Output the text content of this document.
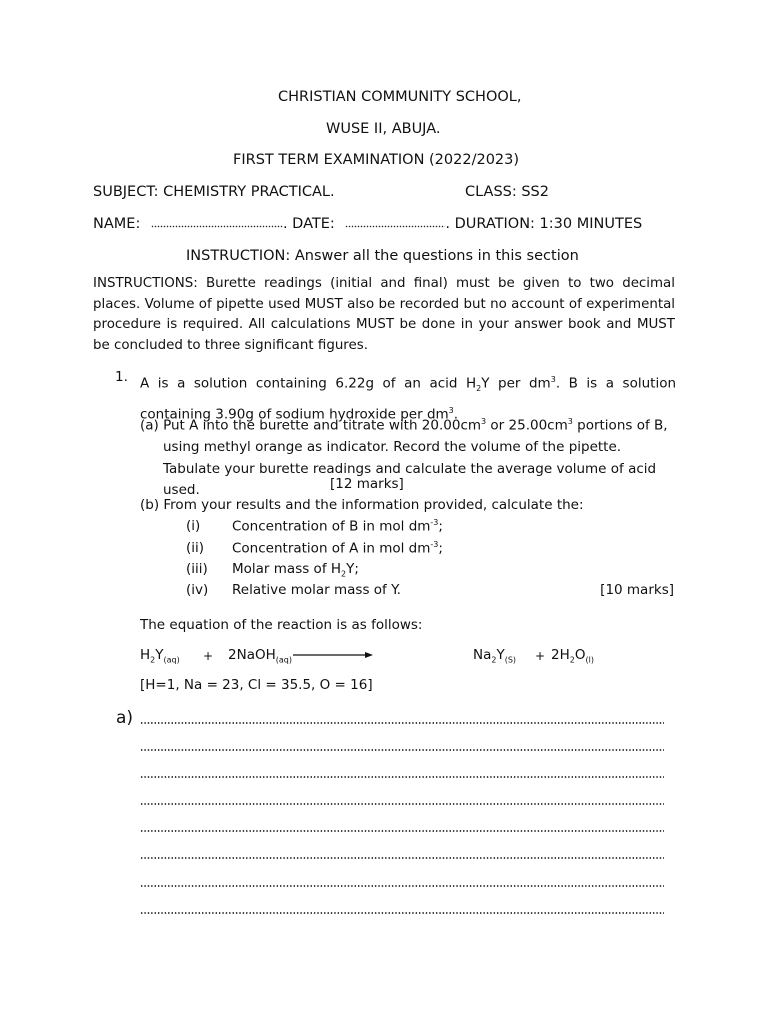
CHRISTIAN COMMUNITY SCHOOL,
WUSE II, ABUJA.
FIRST TERM EXAMINATION (2022/2023)
SUBJECT: CHEMISTRY PRACTICAL.	CLASS: SS2
NAME:	. DATE:	. DURATION: 1:30 MINUTES
INSTRUCTION: Answer all the questions in this section
INSTRUCTIONS: Burette readings (initial and final) must be given to two decimal places. Volume of pipette used MUST also be recorded but no account of experimental procedure is required. All calculations MUST be done in your answer book and MUST be concluded to three significant figures.
1. A is a solution containing 6.22g of an acid $H_2Y$ per $dm^3$. B is a solution containing 3.90g of sodium hydroxide per $dm^3$.
(a) Put A into the burette and titrate with $20.00cm^3$ or $25.00cm^3$ portions of B,
using methyl orange as indicator. Record the volume of the pipette. Tabulate your burette readings and calculate the average volume of acid used.	[12 marks]
(b) From your results and the information provided, calculate the:
(i) Concentration of B in mol $dm^{-3}$;
(ii) Concentration of A in mol $dm^{-3}$;
(iii) Molar mass of $H_2Y$;
(iv) Relative molar mass of Y.	[10 marks]
The equation of the reaction is as follows:
$H_2Y_{(aq)}$ + 2NaOH$_{(aq)}$	$Na_2Y_{(S)} + 2H_2O_{(l)}$
[H=1, Na = 23, Cl = 35.5, O = 16]
a)
